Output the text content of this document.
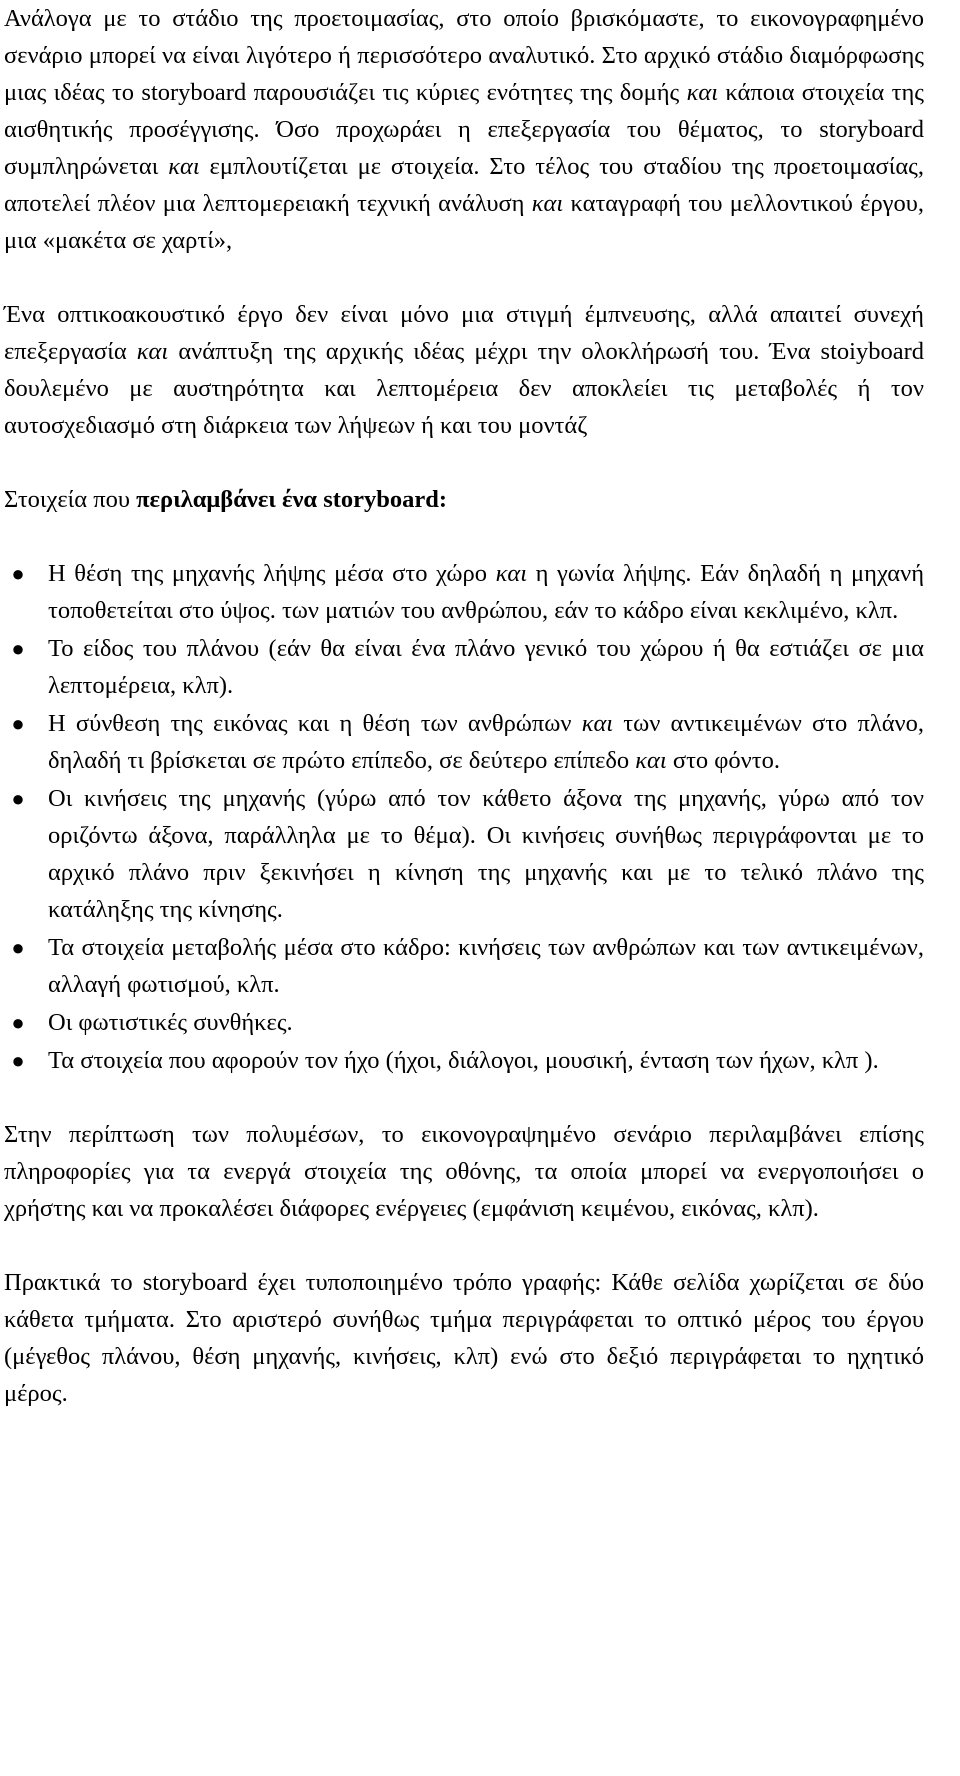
Ανάλογα με το στάδιο της προετοιμασίας, στο οποίο βρισκόμαστε, το εικονογραφημένο σενάριο μπορεί να είναι λιγότερο ή περισσότερο αναλυτικό. Στο αρχικό στάδιο διαμόρφωσης μιας ιδέας το storyboard παρουσιάζει τις κύριες ενότητες της δομής και κάποια στοιχεία της αισθητικής προσέγγισης. Όσο προχωράει η επεξεργασία του θέματος, το storyboard συμπληρώνεται και εμπλουτίζεται με στοιχεία. Στο τέλος του σταδίου της προετοιμασίας, αποτελεί πλέον μια λεπτομερειακή τεχνική ανάλυση και καταγραφή του μελλοντικού έργου, μια «μακέτα σε χαρτί»,

Ένα οπτικοακουστικό έργο δεν είναι μόνο μια στιγμή έμπνευσης, αλλά απαιτεί συνεχή επεξεργασία και ανάπτυξη της αρχικής ιδέας μέχρι την ολοκλήρωσή του. Ένα stoiyboard δουλεμένο με αυστηρότητα και λεπτομέρεια δεν αποκλείει τις μεταβολές ή τον αυτοσχεδιασμό στη διάρκεια των λήψεων ή και του μοντάζ

Στοιχεία που περιλαμβάνει ένα storyboard:

● Η θέση της μηχανής λήψης μέσα στο χώρο και η γωνία λήψης. Εάν δηλαδή η μηχανή τοποθετείται στο ύψος. των ματιών του ανθρώπου, εάν το κάδρο είναι κεκλιμένο, κλπ.
● Το είδος του πλάνου (εάν θα είναι ένα πλάνο γενικό του χώρου ή θα εστιάζει σε μια λεπτομέρεια, κλπ).
● Η σύνθεση της εικόνας και η θέση των ανθρώπων και των αντικειμένων στο πλάνο, δηλαδή τι βρίσκεται σε πρώτο επίπεδο, σε δεύτερο επίπεδο και στο φόντο.
● Οι κινήσεις της μηχανής (γύρω από τον κάθετο άξονα της μηχανής, γύρω από τον οριζόντω άξονα, παράλληλα με το θέμα). Οι κινήσεις συνήθως περιγράφονται με το αρχικό πλάνο πριν ξεκινήσει η κίνηση της μηχανής και με το τελικό πλάνο της κατάληξης της κίνησης.
● Τα στοιχεία μεταβολής μέσα στο κάδρο: κινήσεις των ανθρώπων και των αντικειμένων, αλλαγή φωτισμού, κλπ.
● Οι φωτιστικές συνθήκες.
● Τα στοιχεία που αφορούν τον ήχο (ήχοι, διάλογοι, μουσική, ένταση των ήχων, κλπ ).

Στην περίπτωση των πολυμέσων, το εικονογραψημένο σενάριο περιλαμβάνει επίσης πληροφορίες για τα ενεργά στοιχεία της οθόνης, τα οποία μπορεί να ενεργοποιήσει ο χρήστης και να προκαλέσει διάφορες ενέργειες (εμφάνιση κειμένου, εικόνας, κλπ).

Πρακτικά το storyboard έχει τυποποιημένο τρόπο γραφής: Κάθε σελίδα χωρίζεται σε δύο κάθετα τμήματα. Στο αριστερό συνήθως τμήμα περιγράφεται το οπτικό μέρος του έργου (μέγεθος πλάνου, θέση μηχανής, κινήσεις, κλπ) ενώ στο δεξιό περιγράφεται το ηχητικό μέρος.
